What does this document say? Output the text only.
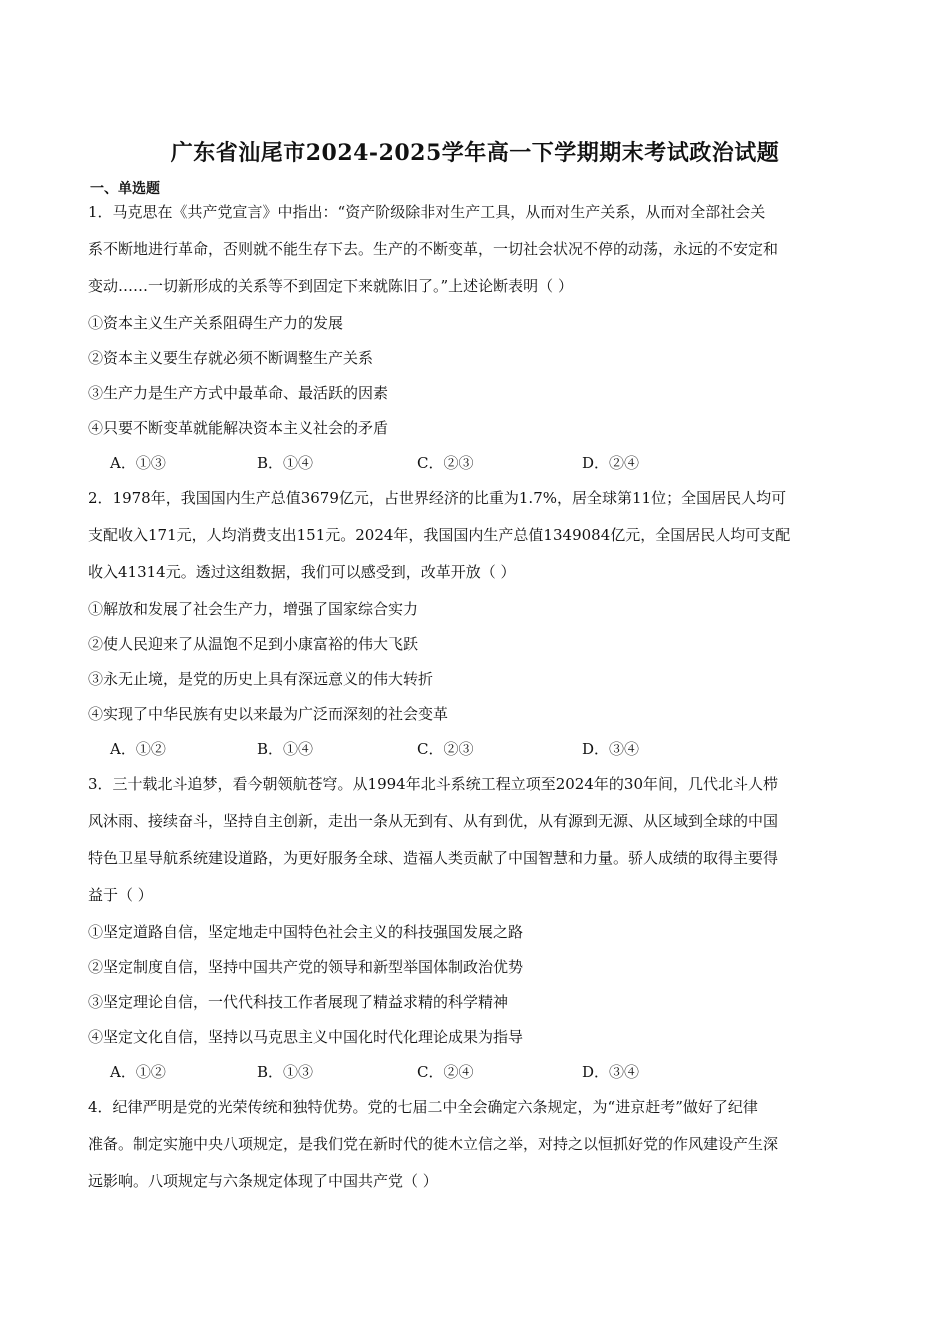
广东省汕尾市2024-2025学年高一下学期期末考试政治试题
一、单选题
1．马克思在《共产党宣言》中指出：“资产阶级除非对生产工具，从而对生产关系，从而对全部社会关
系不断地进行革命，否则就不能生存下去。生产的不断变革，一切社会状况不停的动荡，永远的不安定和
变动……一切新形成的关系等不到固定下来就陈旧了。”上述论断表明（ ）
①资本主义生产关系阻碍生产力的发展
②资本主义要生存就必须不断调整生产关系
③生产力是生产方式中最革命、最活跃的因素
④只要不断变革就能解决资本主义社会的矛盾
A．①③	B．①④	C．②③	D．②④
2．1978年，我国国内生产总值3679亿元，占世界经济的比重为1.7%，居全球第11位；全国居民人均可
支配收入171元，人均消费支出151元。2024年，我国国内生产总值1349084亿元，全国居民人均可支配
收入41314元。透过这组数据，我们可以感受到，改革开放（ ）
①解放和发展了社会生产力，增强了国家综合实力
②使人民迎来了从温饱不足到小康富裕的伟大飞跃
③永无止境，是党的历史上具有深远意义的伟大转折
④实现了中华民族有史以来最为广泛而深刻的社会变革
A．①②	B．①④	C．②③	D．③④
3．三十载北斗追梦，看今朝领航苍穹。从1994年北斗系统工程立项至2024年的30年间，几代北斗人栉
风沐雨、接续奋斗，坚持自主创新，走出一条从无到有、从有到优，从有源到无源、从区域到全球的中国
特色卫星导航系统建设道路，为更好服务全球、造福人类贡献了中国智慧和力量。骄人成绩的取得主要得
益于（ ）
①坚定道路自信，坚定地走中国特色社会主义的科技强国发展之路
②坚定制度自信，坚持中国共产党的领导和新型举国体制政治优势
③坚定理论自信，一代代科技工作者展现了精益求精的科学精神
④坚定文化自信，坚持以马克思主义中国化时代化理论成果为指导
A．①②	B．①③	C．②④	D．③④
4．纪律严明是党的光荣传统和独特优势。党的七届二中全会确定六条规定，为“进京赶考”做好了纪律
准备。制定实施中央八项规定，是我们党在新时代的徙木立信之举，对持之以恒抓好党的作风建设产生深
远影响。八项规定与六条规定体现了中国共产党（ ）
